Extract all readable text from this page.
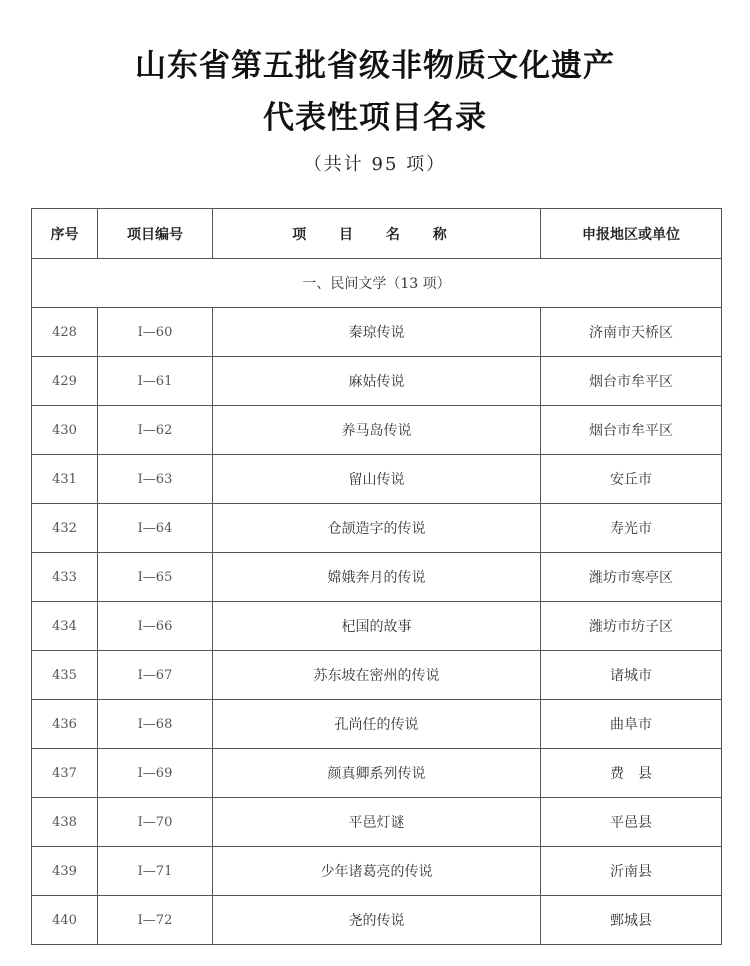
山东省第五批省级非物质文化遗产
代表性项目名录
（共计 95 项）
序号	项目编号	项 目 名 称	申报地区或单位
一、民间文学（13 项）			
428	I—60	秦琼传说	济南市天桥区
429	I—61	麻姑传说	烟台市牟平区
430	I—62	养马岛传说	烟台市牟平区
431	I—63	留山传说	安丘市
432	I—64	仓颉造字的传说	寿光市
433	I—65	嫦娥奔月的传说	潍坊市寒亭区
434	I—66	杞国的故事	潍坊市坊子区
435	I—67	苏东坡在密州的传说	诸城市
436	I—68	孔尚任的传说	曲阜市
437	I—69	颜真卿系列传说	费　县
438	I—70	平邑灯谜	平邑县
439	I—71	少年诸葛亮的传说	沂南县
440	I—72	尧的传说	鄄城县
